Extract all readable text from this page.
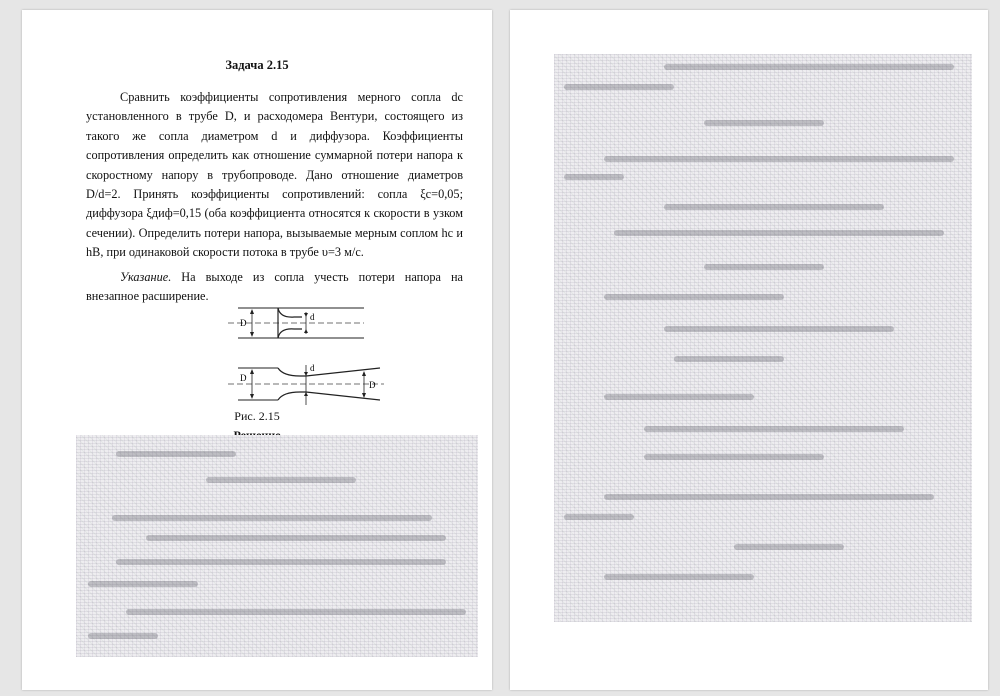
Задача 2.15

Сравнить коэффициенты сопротивления мерного сопла dc установленного в трубе D, и расходомера Вентури, состоящего из такого же сопла диаметром d и диффузора. Коэффициенты сопротивления определить как отношение суммарной потери напора к скоростному напору в трубопроводе. Дано отношение диаметров D/d=2. Принять коэффициенты сопротивлений: сопла ξc=0,05; диффузора ξдиф=0,15 (оба коэффициента относятся к скорости в узком сечении). Определить потери напора, вызываемые мерным соплом hc и hВ, при одинаковой скорости потока в трубе υ=3 м/с.

Указание. На выходе из сопла учесть потери напора на внезапное расширение.

D
d
D
d
D
Рис. 2.15
